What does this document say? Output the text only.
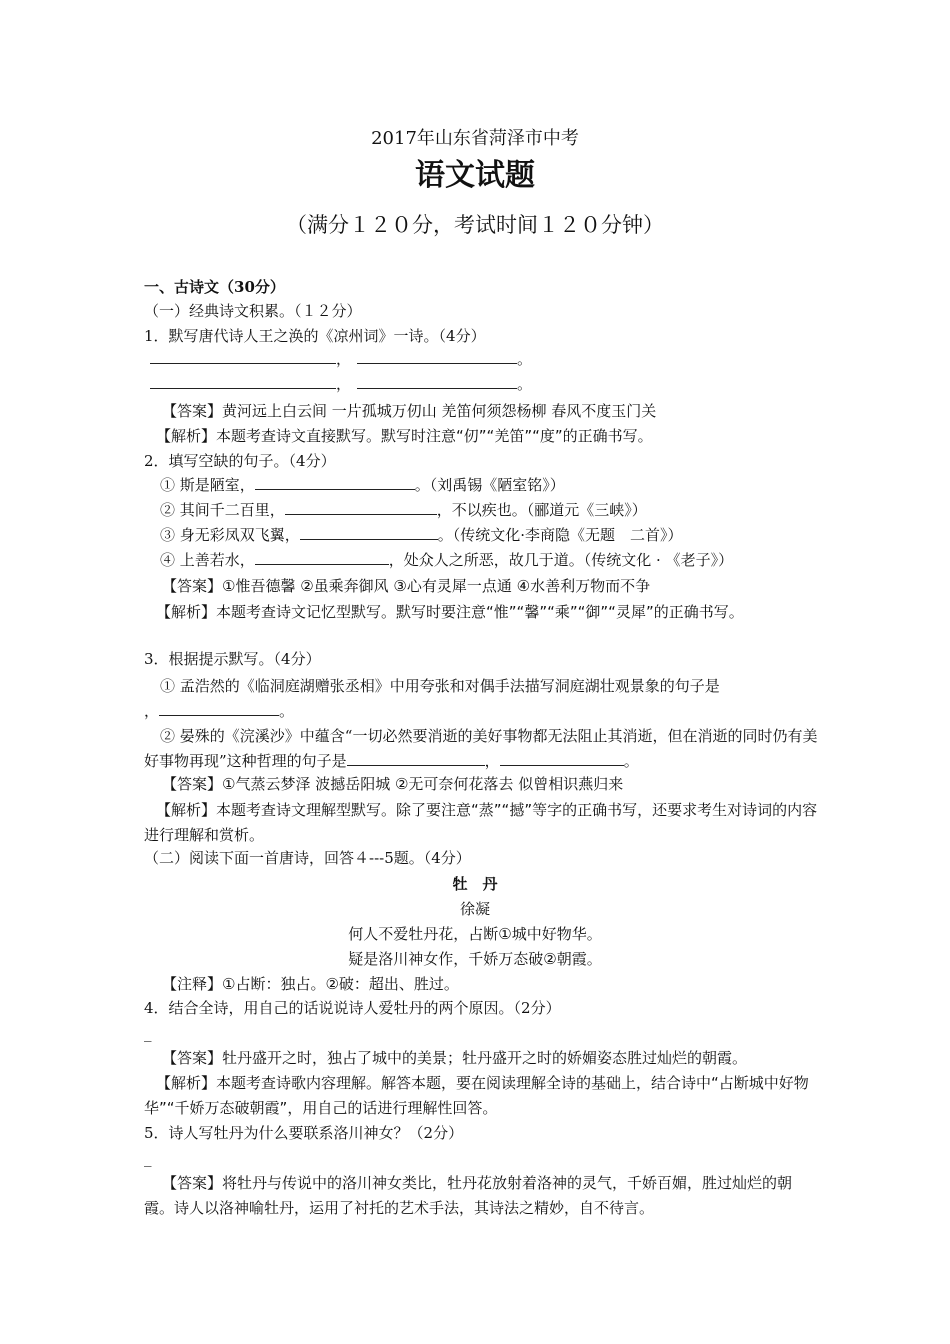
2017年山东省菏泽市中考
语文试题
（满分１２０分，考试时间１２０分钟）
一、古诗文（30分）
（一）经典诗文积累。（１２分）
1．默写唐代诗人王之涣的《凉州词》一诗。（4分）
，	。
，	。
【答案】黄河远上白云间 一片孤城万仞山 羌笛何须怨杨柳 春风不度玉门关
【解析】本题考查诗文直接默写。默写时注意“仞”“羌笛”“度”的正确书写。
2．填写空缺的句子。（4分）
① 斯是陋室，	。（刘禹锡《陋室铭》）
② 其间千二百里，	，不以疾也。（郦道元《三峡》）
③ 身无彩凤双飞翼，	。（传统文化·李商隐《无题　二首》）
④ 上善若水，	，处众人之所恶，故几于道。（传统文化 · 《老子》）
【答案】①惟吾德馨 ②虽乘奔御风 ③心有灵犀一点通 ④水善利万物而不争
【解析】本题考查诗文记忆型默写。默写时要注意“惟”“馨”“乘”“御”“灵犀”的正确书写。
3．根据提示默写。（4分）
① 孟浩然的《临洞庭湖赠张丞相》中用夸张和对偶手法描写洞庭湖壮观景象的句子是
，	。
② 晏殊的《浣溪沙》中蕴含“一切必然要消逝的美好事物都无法阻止其消逝，但在消逝的同时仍有美好事物再现”这种哲理的句子是	，	。
【答案】①气蒸云梦泽 波撼岳阳城 ②无可奈何花落去 似曾相识燕归来
【解析】本题考查诗文理解型默写。除了要注意“蒸”“撼”等字的正确书写，还要求考生对诗词的内容进行理解和赏析。
（二）阅读下面一首唐诗，回答４---5题。（4分）
牡　丹
徐凝
何人不爱牡丹花，占断①城中好物华。
疑是洛川神女作，千娇万态破②朝霞。
【注释】①占断：独占。②破：超出、胜过。
4．结合全诗，用自己的话说说诗人爱牡丹的两个原因。（2分）
_
【答案】牡丹盛开之时，独占了城中的美景；牡丹盛开之时的娇媚姿态胜过灿烂的朝霞。
【解析】本题考查诗歌内容理解。解答本题，要在阅读理解全诗的基础上，结合诗中“占断城中好物华”“千娇万态破朝霞”，用自己的话进行理解性回答。
5．诗人写牡丹为什么要联系洛川神女？（2分）
_
【答案】将牡丹与传说中的洛川神女类比，牡丹花放射着洛神的灵气，千娇百媚，胜过灿烂的朝霞。诗人以洛神喻牡丹，运用了衬托的艺术手法，其诗法之精妙，自不待言。
